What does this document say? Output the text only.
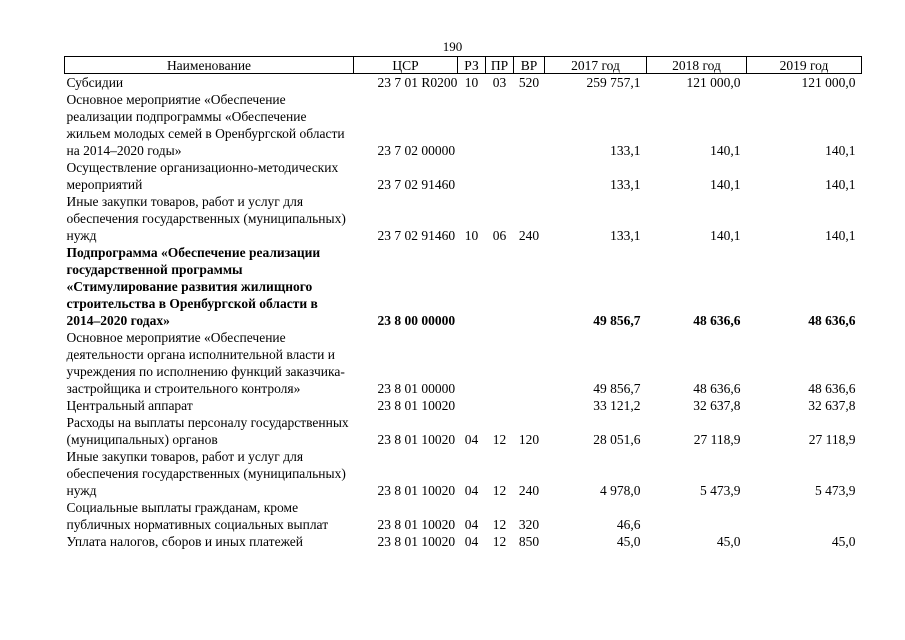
190
Наименование	ЦСР	РЗ	ПР	ВР	2017 год	2018 год	2019 год
Субсидии	23 7 01 R0200	10	03	520	259 757,1	121 000,0	121 000,0
Основное мероприятие «Обеспечение реализации подпрограммы «Обеспечение жильем молодых семей в Оренбургской области на 2014–2020 годы»	23 7 02 00000				133,1	140,1	140,1
Осуществление организационно-методических мероприятий	23 7 02 91460				133,1	140,1	140,1
Иные закупки товаров, работ и услуг для обеспечения государственных (муниципальных) нужд	23 7 02 91460	10	06	240	133,1	140,1	140,1
Подпрограмма «Обеспечение реализации государственной программы «Стимулирование развития жилищного строительства в Оренбургской области в 2014–2020 годах»	23 8 00 00000				49 856,7	48 636,6	48 636,6
Основное мероприятие «Обеспечение деятельности органа исполнительной власти и учреждения по исполнению функций заказчика-застройщика и строительного контроля»	23 8 01 00000				49 856,7	48 636,6	48 636,6
Центральный аппарат	23 8 01 10020				33 121,2	32 637,8	32 637,8
Расходы на выплаты персоналу государственных (муниципальных) органов	23 8 01 10020	04	12	120	28 051,6	27 118,9	27 118,9
Иные закупки товаров, работ и услуг для обеспечения государственных (муниципальных) нужд	23 8 01 10020	04	12	240	4 978,0	5 473,9	5 473,9
Социальные выплаты гражданам, кроме публичных нормативных социальных выплат	23 8 01 10020	04	12	320	46,6		
Уплата налогов, сборов и иных платежей	23 8 01 10020	04	12	850	45,0	45,0	45,0
